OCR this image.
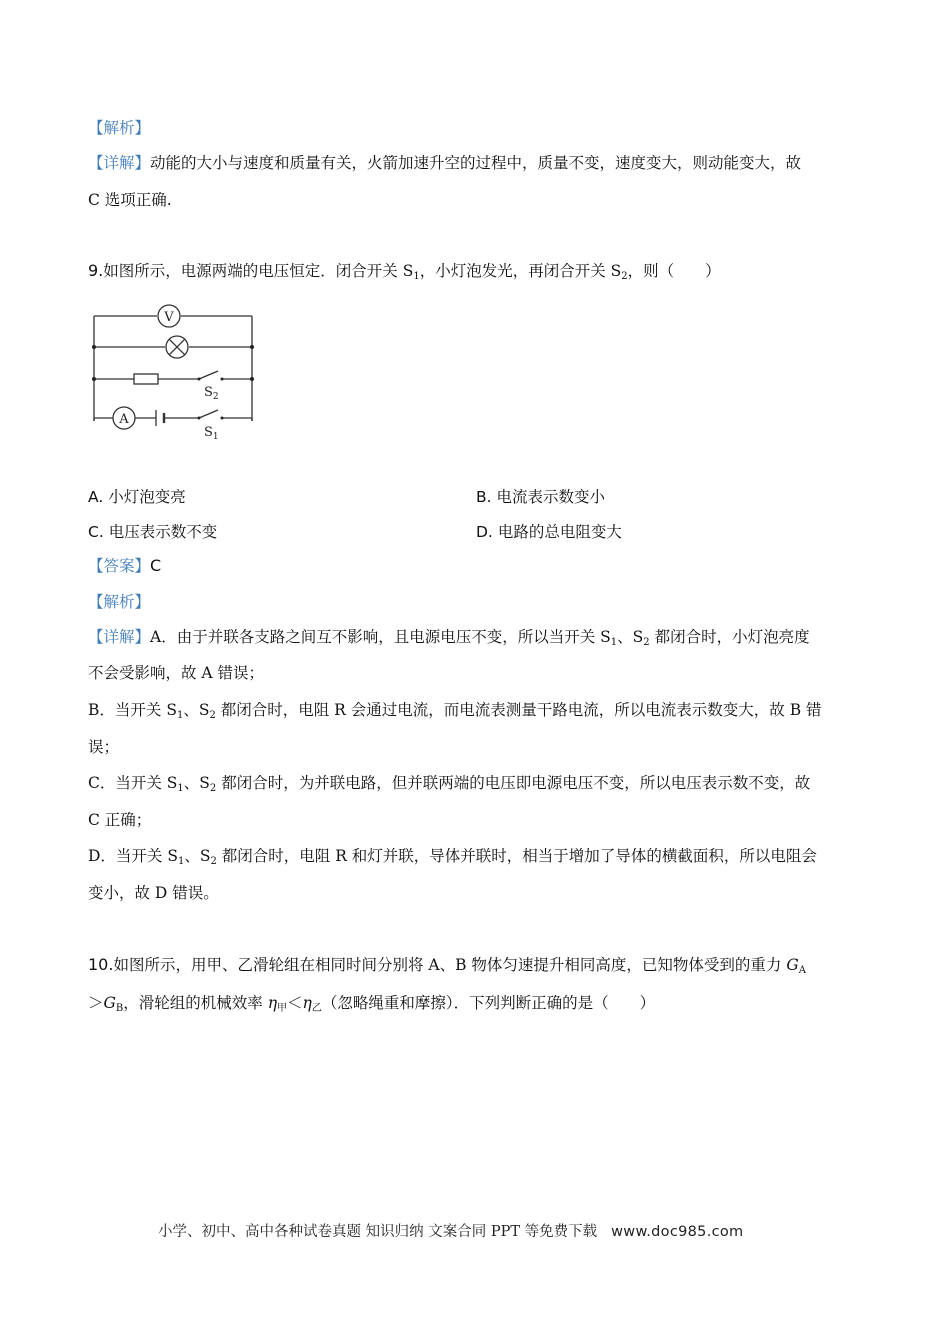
【解析】
【详解】动能的大小与速度和质量有关，火箭加速升空的过程中，质量不变，速度变大，则动能变大，故
C 选项正确.
9.如图所示，电源两端的电压恒定．闭合开关 $S_1$，小灯泡发光，再闭合开关 $S_2$，则（　　）
V
$S_2$
$S_1$
A
A. 小灯泡变亮	B. 电流表示数变小
C. 电压表示数不变	D. 电路的总电阻变大
【答案】C
【解析】
【详解】A．由于并联各支路之间互不影响，且电源电压不变，所以当开关 $S_1$、$S_2$ 都闭合时，小灯泡亮度
不会受影响，故 A 错误；
B．当开关 $S_1$、$S_2$ 都闭合时，电阻 R 会通过电流，而电流表测量干路电流，所以电流表示数变大，故 B 错
误；
C．当开关 $S_1$、$S_2$ 都闭合时，为并联电路，但并联两端的电压即电源电压不变，所以电压表示数不变，故
C 正确；
D．当开关 $S_1$、$S_2$ 都闭合时，电阻 R 和灯并联，导体并联时，相当于增加了导体的横截面积，所以电阻会
变小，故 D 错误。
10.如图所示，用甲、乙滑轮组在相同时间分别将 A、B 物体匀速提升相同高度，已知物体受到的重力 $G_A$
$>G_B$，滑轮组的机械效率 $\eta_甲<\eta_乙$（忽略绳重和摩擦）．下列判断正确的是（　　）
小学、初中、高中各种试卷真题 知识归纳 文案合同 PPT 等免费下载 www.doc985.com
